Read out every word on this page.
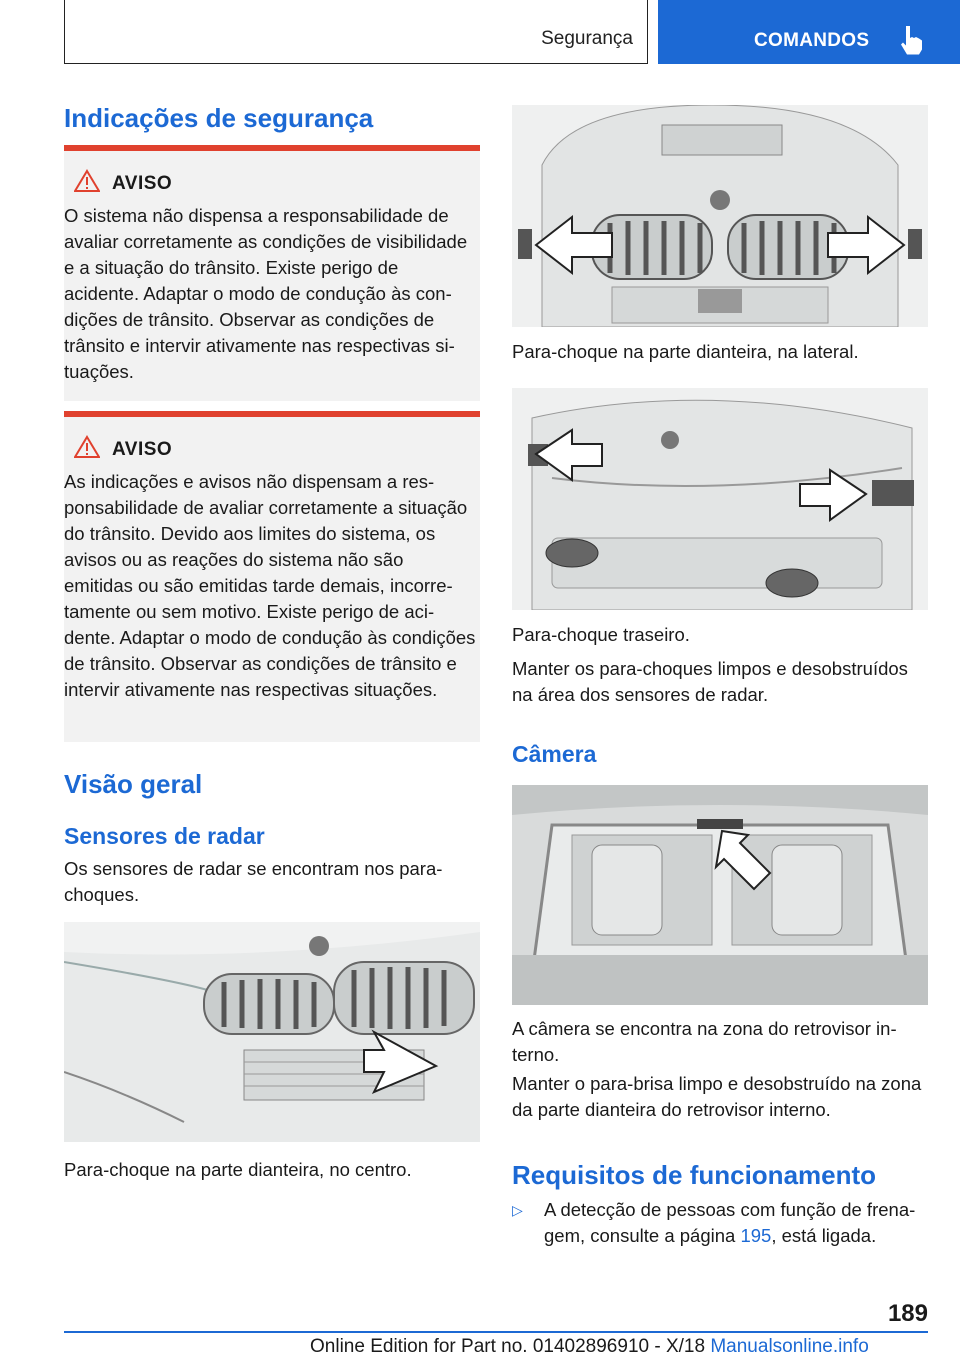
Segurança	COMANDOS
Indicações de segurança
AVISO

O sistema não dispensa a responsabilidade de avaliar corretamente as condições de visibilidade e a situação do trânsito. Existe perigo de acidente. Adaptar o modo de condução às condições de trânsito. Observar as condições de trânsito e intervir ativamente nas respectivas situações.

AVISO

As indicações e avisos não dispensam a responsabilidade de avaliar corretamente a situação do trânsito. Devido aos limites do sistema, os avisos ou as reações do sistema não são emitidas ou são emitidas tarde demais, incorretamente ou sem motivo. Existe perigo de acidente. Adaptar o modo de condução às condições de trânsito. Observar as condições de trânsito e intervir ativamente nas respectivas situações.

Visão geral
Sensores de radar

Os sensores de radar se encontram nos para-choques.

Para-choque na parte dianteira, no centro.

Para-choque na parte dianteira, na lateral.

Para-choque traseiro.

Manter os para-choques limpos e desobstruídos na área dos sensores de radar.

Câmera

A câmera se encontra na zona do retrovisor interno.

Manter o para-brisa limpo e desobstruído na zona da parte dianteira do retrovisor interno.

Requisitos de funcionamento
▷ A detecção de pessoas com função de frenagem, consulte a página 195, está ligada.

189
Online Edition for Part no. 01402896910 - X/18 Manualsonline.info
